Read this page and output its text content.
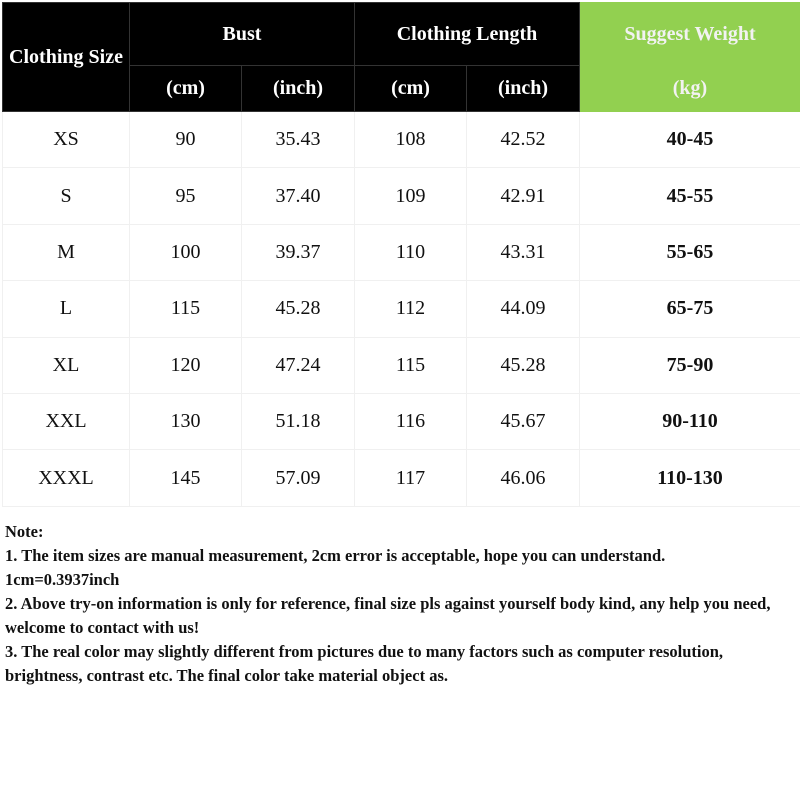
Clothing Size	Bust		Clothing Length		Suggest Weight
	(cm)	(inch)	(cm)	(inch)	(kg)
XS	90	35.43	108	42.52	40-45
S	95	37.40	109	42.91	45-55
M	100	39.37	110	43.31	55-65
L	115	45.28	112	44.09	65-75
XL	120	47.24	115	45.28	75-90
XXL	130	51.18	116	45.67	90-110
XXXL	145	57.09	117	46.06	110-130
Note:
1. The item sizes are manual measurement, 2cm error is acceptable, hope you can understand.
1cm=0.3937inch
2. Above try-on information is only for reference, final size pls against yourself body kind, any help you need, welcome to contact with us!
3. The real color may slightly different from pictures due to many factors such as computer resolution, brightness, contrast etc. The final color take material object as.
